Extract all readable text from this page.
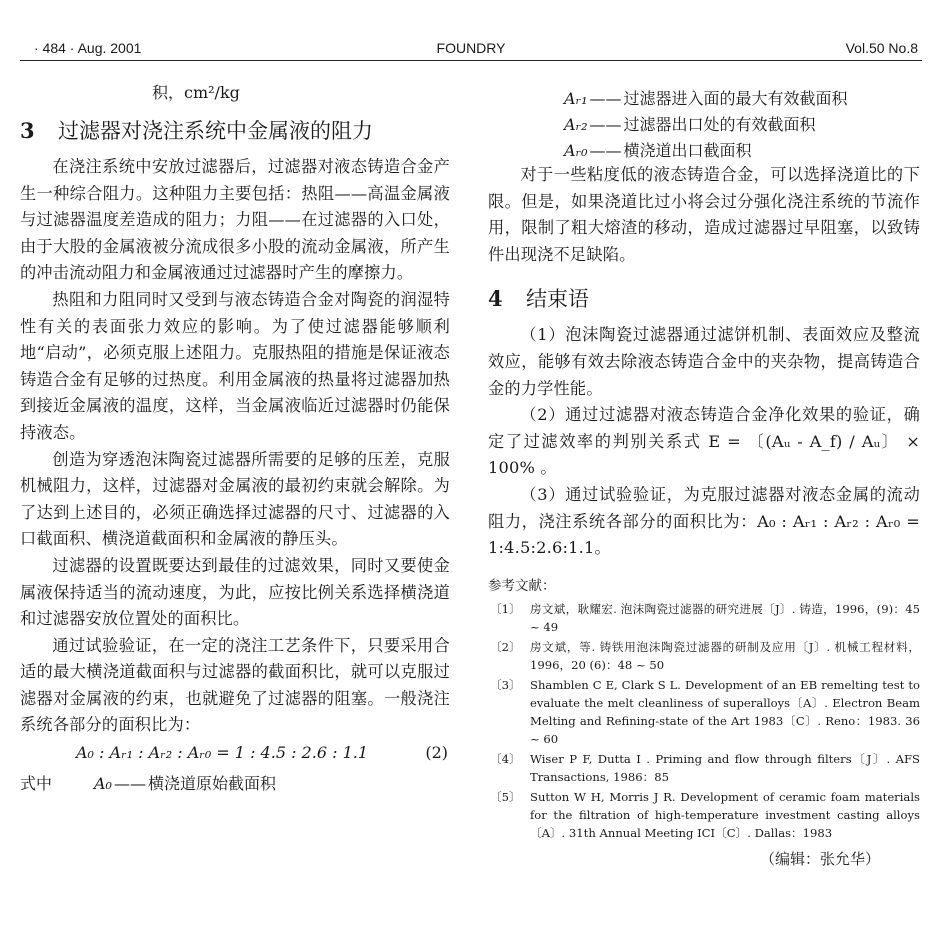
· 484 · Aug. 2001	FOUNDRY	Vol.50 No.8

积，cm²/kg

3 过滤器对浇注系统中金属液的阻力

在浇注系统中安放过滤器后，过滤器对液态铸造合金产生一种综合阻力。这种阻力主要包括：热阻——高温金属液与过滤器温度差造成的阻力；力阻——在过滤器的入口处，由于大股的金属液被分流成很多小股的流动金属液，所产生的冲击流动阻力和金属液通过过滤器时产生的摩擦力。

热阻和力阻同时又受到与液态铸造合金对陶瓷的润湿特性有关的表面张力效应的影响。为了使过滤器能够顺利地“启动”，必须克服上述阻力。克服热阻的措施是保证液态铸造合金有足够的过热度。利用金属液的热量将过滤器加热到接近金属液的温度，这样，当金属液临近过滤器时仍能保持液态。

创造为穿透泡沫陶瓷过滤器所需要的足够的压差，克服机械阻力，这样，过滤器对金属液的最初约束就会解除。为了达到上述目的，必须正确选择过滤器的尺寸、过滤器的入口截面积、横浇道截面积和金属液的静压头。

过滤器的设置既要达到最佳的过滤效果，同时又要使金属液保持适当的流动速度，为此，应按比例关系选择横浇道和过滤器安放位置处的面积比。

通过试验验证，在一定的浇注工艺条件下，只要采用合适的最大横浇道截面积与过滤器的截面积比，就可以克服过滤器对金属液的约束，也就避免了过滤器的阻塞。一般浇注系统各部分的面积比为：

A₀ : Aᵣ₁ : Aᵣ₂ : Aᵣ₀ = 1 : 4.5 : 2.6 : 1.1	(2)
式中	A₀ —— 横浇道原始截面积
Aᵣ₁ —— 过滤器进入面的最大有效截面积
Aᵣ₂ —— 过滤器出口处的有效截面积
Aᵣ₀ —— 横浇道出口截面积

对于一些粘度低的液态铸造合金，可以选择浇道比的下限。但是，如果浇道比过小将会过分强化浇注系统的节流作用，限制了粗大熔渣的移动，造成过滤器过早阻塞，以致铸件出现浇不足缺陷。

4 结束语

（1）泡沫陶瓷过滤器通过滤饼机制、表面效应及整流效应，能够有效去除液态铸造合金中的夹杂物，提高铸造合金的力学性能。

（2）通过过滤器对液态铸造合金净化效果的验证，确定了过滤效率的判别关系式 E = 〔(Aᵤ - A_f) / Aᵤ〕 × 100% 。

（3）通过试验验证，为克服过滤器对液态金属的流动阻力，浇注系统各部分的面积比为：A₀ : Aᵣ₁ : Aᵣ₂ : Aᵣ₀ = 1:4.5:2.6:1.1。

参考文献：
〔1〕 房文斌，耿耀宏. 泡沫陶瓷过滤器的研究进展〔J〕. 铸造，1996，(9)：45 ~ 49
〔2〕 房文斌，等. 铸铁用泡沫陶瓷过滤器的研制及应用〔J〕. 机械工程材料，1996，20 (6)：48 ~ 50
〔3〕 Shamblen C E, Clark S L. Development of an EB remelting test to evaluate the melt cleanliness of superalloys〔A〕. Electron Beam Melting and Refining-state of the Art 1983〔C〕. Reno：1983. 36 ~ 60
〔4〕 Wiser P F, Dutta I . Priming and flow through filters〔J〕. AFS Transactions, 1986：85
〔5〕 Sutton W H, Morris J R. Development of ceramic foam materials for the filtration of high-temperature investment casting alloys〔A〕. 31th Annual Meeting ICI〔C〕. Dallas：1983
（编辑：张允华）
